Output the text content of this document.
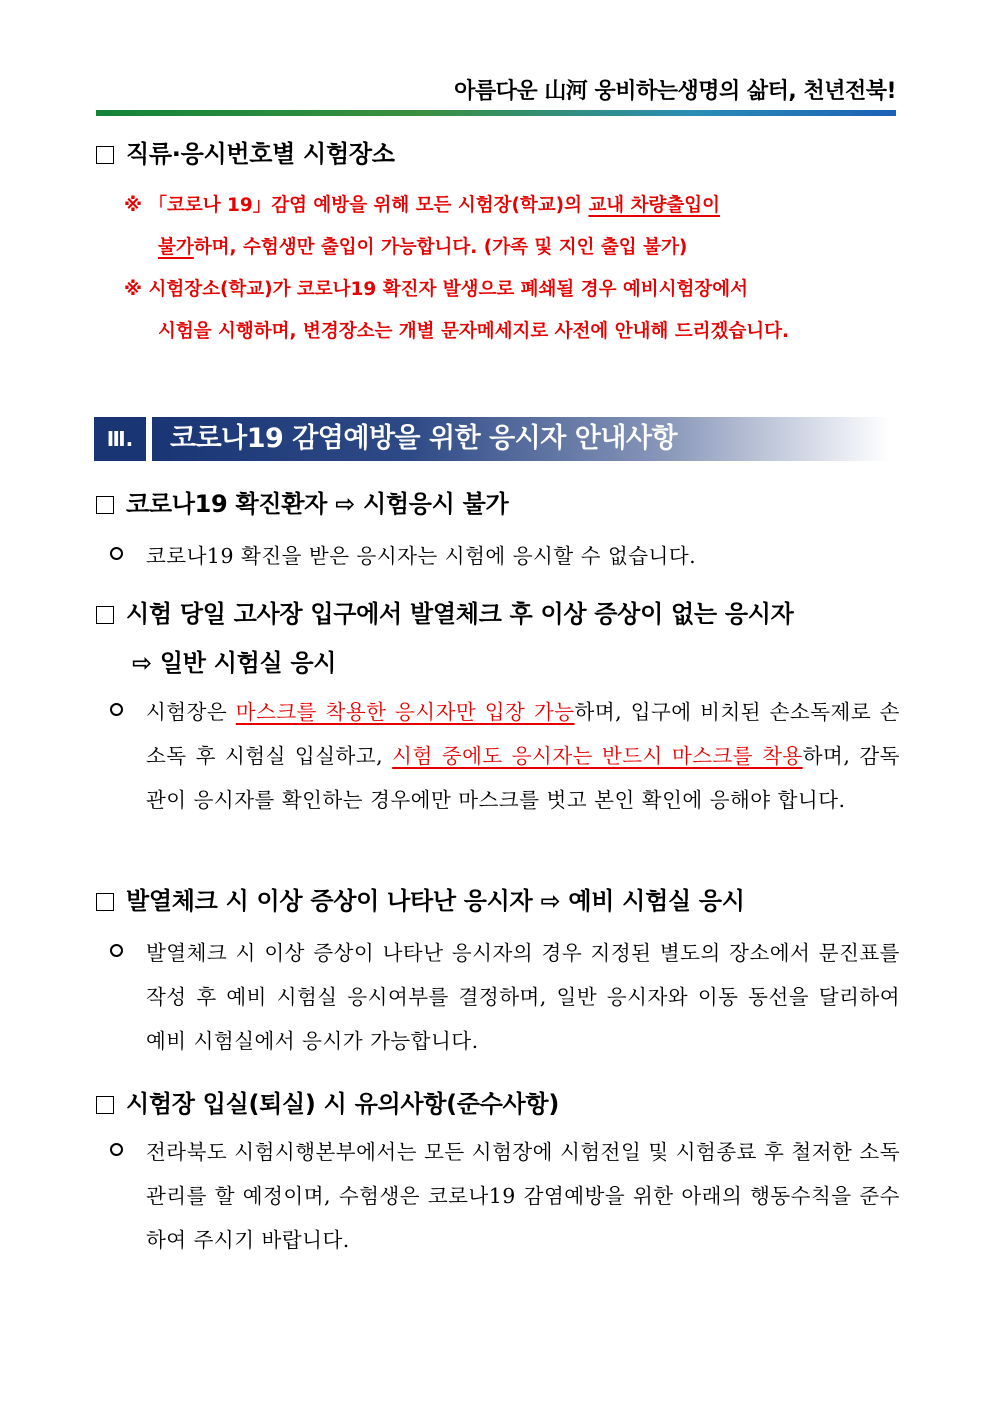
아름다운 山河 웅비하는생명의 삶터, 천년전북!
직류·응시번호별 시험장소
※ 「코로나 19」감염 예방을 위해 모든 시험장(학교)의 교내 차량출입이
불가하며, 수험생만 출입이 가능합니다. (가족 및 지인 출입 불가)
※ 시험장소(학교)가 코로나19 확진자 발생으로 폐쇄될 경우 예비시험장에서
시험을 시행하며, 변경장소는 개별 문자메세지로 사전에 안내해 드리겠습니다.
Ⅲ.	코로나19 감염예방을 위한 응시자 안내사항
코로나19 확진환자 ⇨ 시험응시 불가
코로나19 확진을 받은 응시자는 시험에 응시할 수 없습니다.
시험 당일 고사장 입구에서 발열체크 후 이상 증상이 없는 응시자
⇨ 일반 시험실 응시
시험장은 마스크를 착용한 응시자만 입장 가능하며, 입구에 비치된 손소독제로 손소독 후 시험실 입실하고, 시험 중에도 응시자는 반드시 마스크를 착용하며, 감독관이 응시자를 확인하는 경우에만 마스크를 벗고 본인 확인에 응해야 합니다.
발열체크 시 이상 증상이 나타난 응시자 ⇨ 예비 시험실 응시
발열체크 시 이상 증상이 나타난 응시자의 경우 지정된 별도의 장소에서 문진표를 작성 후 예비 시험실 응시여부를 결정하며, 일반 응시자와 이동 동선을 달리하여 예비 시험실에서 응시가 가능합니다.
시험장 입실(퇴실) 시 유의사항(준수사항)
전라북도 시험시행본부에서는 모든 시험장에 시험전일 및 시험종료 후 철저한 소독관리를 할 예정이며, 수험생은 코로나19 감염예방을 위한 아래의 행동수칙을 준수하여 주시기 바랍니다.
